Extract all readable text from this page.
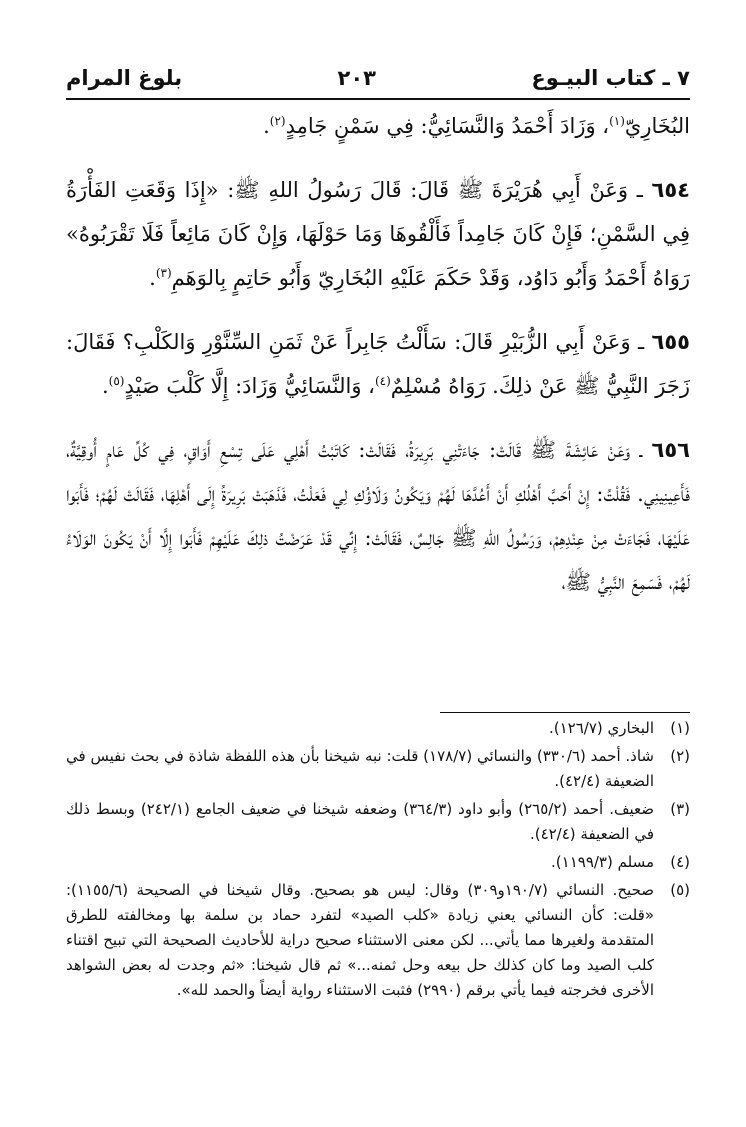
٧ ـ كتاب البيـوع
٢٠٣
بلوغ المرام

البُخَارِيّ$^{(١)}$، وَزَادَ أَحْمَدُ وَالنَّسَائِيُّ: فِي سَمْنٍ جَامِدٍ$^{(٢)}$.

٦٥٤ ـ وَعَنْ أَبِي هُرَيْرَةَ ﷺ قَالَ: قَالَ رَسُولُ اللهِ ﷺ: «إِذَا وَقَعَتِ الفَأْرَةُ فِي السَّمْنِ؛ فَإِنْ كَانَ جَامِداً فَأَلْقُوهَا وَمَا حَوْلَهَا، وَإِنْ كَانَ مَائِعاً فَلَا تَقْرَبُوهُ» رَوَاهُ أَحْمَدُ وَأَبُو دَاوُد، وَقَدْ حَكَمَ عَلَيْهِ البُخَارِيّ وَأَبُو حَاتِمٍ بِالوَهَمِ$^{(٣)}$.

٦٥٥ ـ وَعَنْ أَبِي الزُّبَيْرِ قَالَ: سَأَلْتُ جَابِراً عَنْ ثَمَنِ السِّنَّوْرِ وَالكَلْبِ؟ فَقَالَ: زَجَرَ النَّبِيُّ ﷺ عَنْ ذلِكَ. رَوَاهُ مُسْلِمٌ$^{(٤)}$، وَالنَّسَائِيُّ وَزَادَ: إِلَّا كَلْبَ صَيْدٍ$^{(٥)}$.

٦٥٦ ـ وَعَنْ عَائِشَةَ ﷺ قَالَتْ: جَاءَتْنِي بَرِيرَةُ، فَقَالَتْ: كَاتَبْتُ أَهْلِي عَلَى تِسْعِ أَوَاقٍ، فِي كُلِّ عَامٍ أُوقِيَّةٌ، فَأَعِينِينِي. فَقُلْتُ: إِنْ أَحَبَّ أَهْلُكِ أَنْ أَعُدَّهَا لَهُمْ وَيَكُونُ وَلَاؤُكِ لِي فَعَلْتُ، فَذَهَبَتْ بَرِيرَةُ إِلَى أَهْلِهَا، فَقَالَتْ لَهُمْ؛ فَأَبَوا عَلَيْهَا، فَجَاءَتْ مِنْ عِنْدِهِمْ، وَرَسُولُ اللهِ ﷺ جَالِسٌ، فَقَالَتْ: إِنِّي قَدْ عَرَضْتُ ذلِكَ عَلَيْهِمْ فَأَبَوا إِلَّا أَنْ يَكُونَ الوَلَاءُ لَهُمْ، فَسَمِعَ النَّبِيُّ ﷺ،

(١)
البخاري (١٢٦/٧).
(٢)
شاذ. أحمد (٣٣٠/٦) والنسائي (١٧٨/٧) قلت: نبه شيخنا بأن هذه اللفظة شاذة في بحث نفيس في الضعيفة (٤٢/٤).
(٣)
ضعيف. أحمد (٢٦٥/٢) وأبو داود (٣٦٤/٣) وضعفه شيخنا في ضعيف الجامع (٢٤٢/١) وبسط ذلك في الضعيفة (٤٢/٤).
(٤)
مسلم (١١٩٩/٣).
(٥)
صحيح. النسائي (١٩٠/٧و٣٠٩) وقال: ليس هو بصحيح. وقال شيخنا في الصحيحة (١١٥٥/٦): «قلت: كأن النسائي يعني زيادة «كلب الصيد» لتفرد حماد بن سلمة بها ومخالفته للطرق المتقدمة ولغيرها مما يأتي... لكن معنى الاستثناء صحيح دراية للأحاديث الصحيحة التي تبيح اقتناء كلب الصيد وما كان كذلك حل بيعه وحل ثمنه...» ثم قال شيخنا: «ثم وجدت له بعض الشواهد الأخرى فخرجته فيما يأتي برقم (٢٩٩٠) فثبت الاستثناء رواية أيضاً والحمد لله».
